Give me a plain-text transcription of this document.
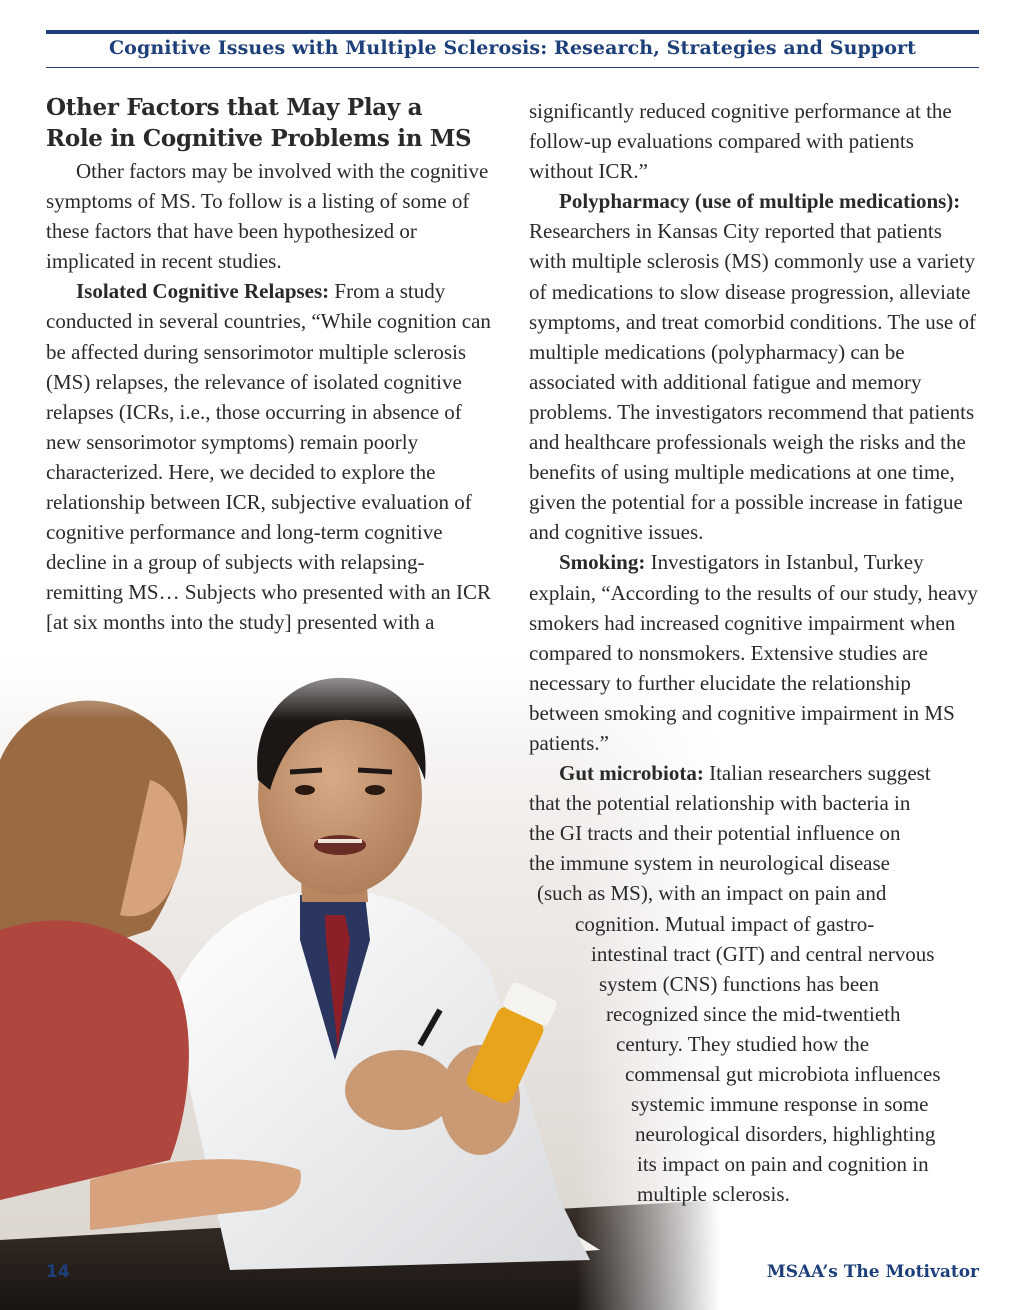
Cognitive Issues with Multiple Sclerosis: Research, Strategies and Support
Other Factors that May Play a
Role in Cognitive Problems in MS

Other factors may be involved with the cognitive symptoms of MS. To follow is a listing of some of these factors that have been hypothesized or implicated in recent studies.

Isolated Cognitive Relapses: From a study conducted in several countries, “While cognition can be affected during sensorimotor multiple sclerosis (MS) relapses, the relevance of isolated cognitive relapses (ICRs, i.e., those occurring in absence of new sensorimotor symptoms) remain poorly characterized. Here, we decided to explore the relationship between ICR, subjective evaluation of cognitive performance and long-term cognitive decline in a group of subjects with relapsing-remitting MS… Subjects who presented with an ICR [at six months into the study] presented with a

significantly reduced cognitive performance at the follow-up evaluations compared with patients without ICR.”

Polypharmacy (use of multiple medications): Researchers in Kansas City reported that patients with multiple sclerosis (MS) commonly use a variety of medications to slow disease progression, alleviate symptoms, and treat comorbid conditions. The use of multiple medications (polypharmacy) can be associated with additional fatigue and memory problems. The investigators recommend that patients and healthcare professionals weigh the risks and the benefits of using multiple medications at one time, given the potential for a possible increase in fatigue and cognitive issues.

Smoking: Investigators in Istanbul, Turkey explain, “According to the results of our study, heavy smokers had increased cognitive impairment when compared to nonsmokers. Extensive studies are necessary to further elucidate the relationship between smoking and cognitive impairment in MS patients.”

Gut microbiota: Italian researchers suggest
that the potential relationship with bacteria in
the GI tracts and their potential influence on
the immune system in neurological disease
(such as MS), with an impact on pain and
cognition. Mutual impact of gastro-
intestinal tract (GIT) and central nervous
system (CNS) functions has been
recognized since the mid-twentieth
century. They studied how the
commensal gut microbiota influences
systemic immune response in some
neurological disorders, highlighting
its impact on pain and cognition in
multiple sclerosis.
14	MSAA’s The Motivator
